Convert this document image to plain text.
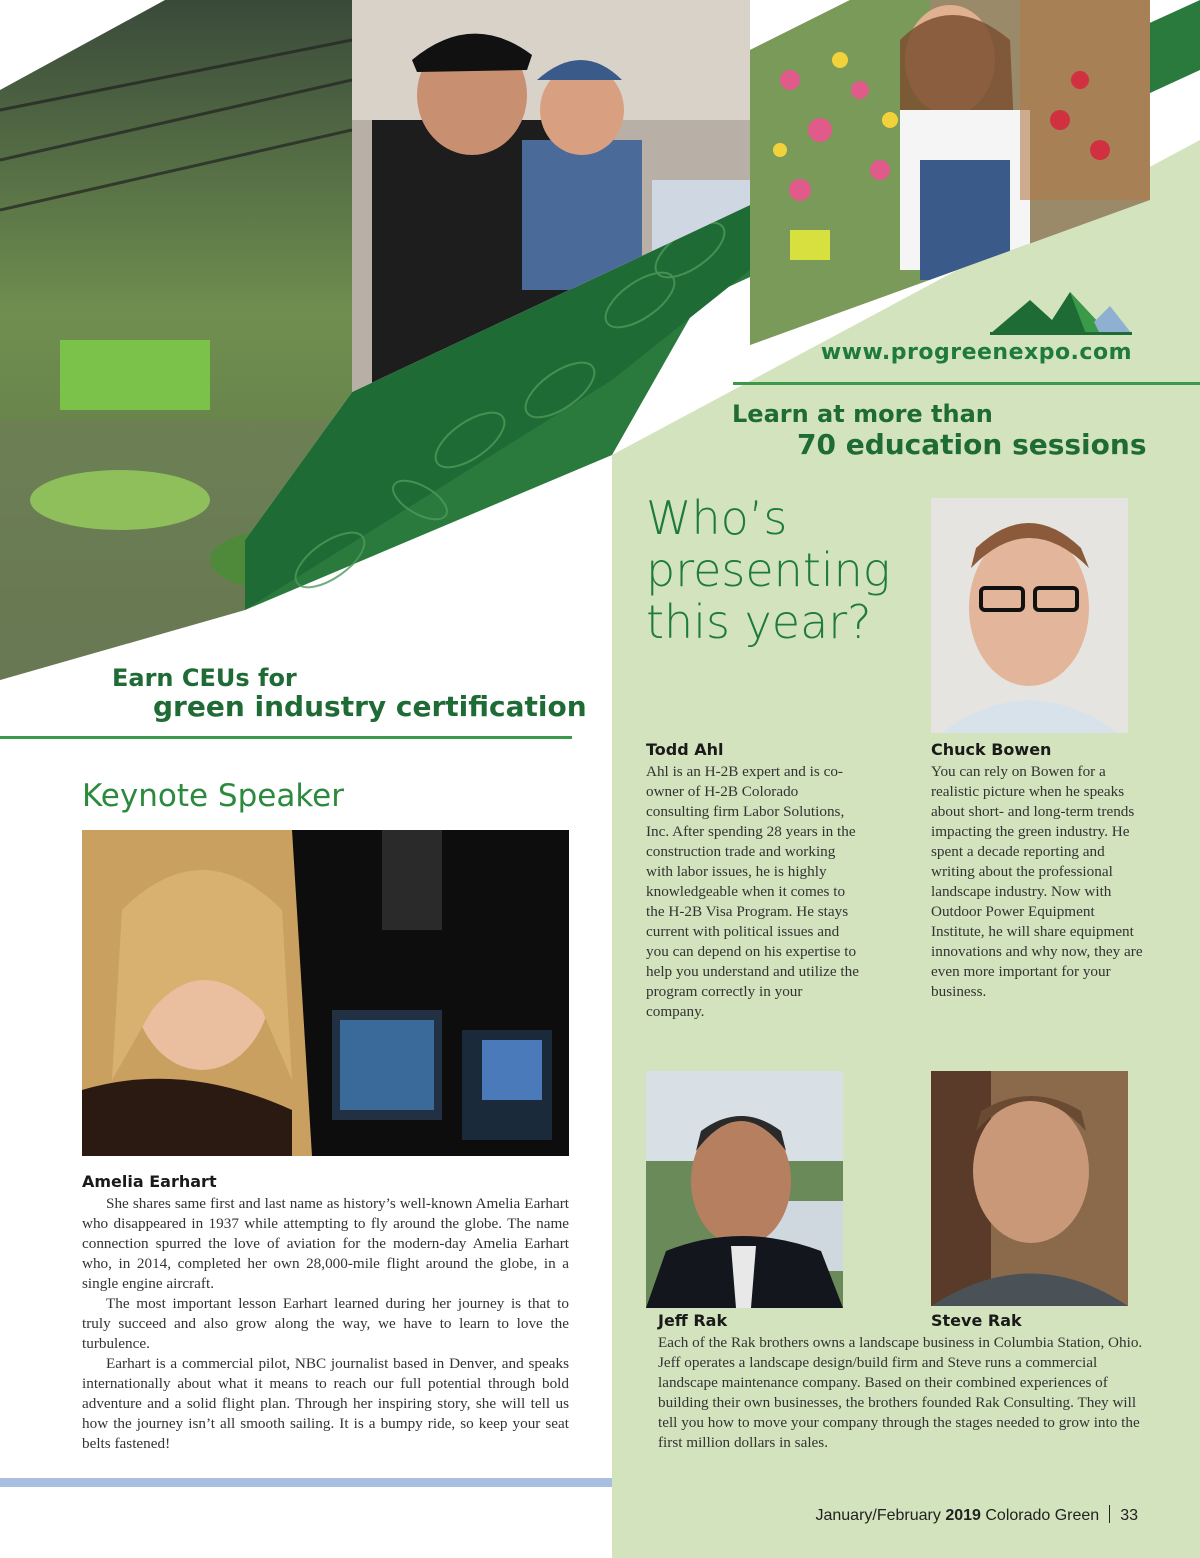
www.progreenexpo.com
Learn at more than
70 education sessions
Who’s presenting this year?
Earn CEUs for
green industry certification
Keynote Speaker
Amelia Earhart

She shares same first and last name as history’s well-known Amelia Earhart who disappeared in 1937 while attempting to fly around the globe. The name connection spurred the love of aviation for the modern-day Amelia Earhart who, in 2014, completed her own 28,000-mile flight around the globe, in a single engine aircraft.

The most important lesson Earhart learned during her journey is that to truly succeed and also grow along the way, we have to learn to love the turbulence.

Earhart is a commercial pilot, NBC journalist based in Denver, and speaks internationally about what it means to reach our full potential through bold adventure and a solid flight plan. Through her inspiring story, she will tell us how the journey isn’t all smooth sailing. It is a bumpy ride, so keep your seat belts fastened!

Chuck Bowen
You can rely on Bowen for a realistic picture when he speaks about short- and long-term trends impacting the green industry. He spent a decade reporting and writing about the professional landscape industry. Now with Outdoor Power Equipment Institute, he will share equipment innovations and why now, they are even more important for your business.
Todd Ahl
Ahl is an H-2B expert and is co-owner of H-2B Colorado consulting firm Labor Solutions, Inc. After spending 28 years in the construction trade and working with labor issues, he is highly knowledgeable when it comes to the H-2B Visa Program. He stays current with political issues and you can depend on his expertise to help you understand and utilize the program correctly in your company.
Jeff Rak	Steve Rak
Each of the Rak brothers owns a landscape business in Columbia Station, Ohio. Jeff operates a landscape design/build firm and Steve runs a commercial landscape maintenance company. Based on their combined experiences of building their own businesses, the brothers founded Rak Consulting. They will tell you how to move your company through the stages needed to grow into the first million dollars in sales.
January/February 2019 Colorado Green 33
